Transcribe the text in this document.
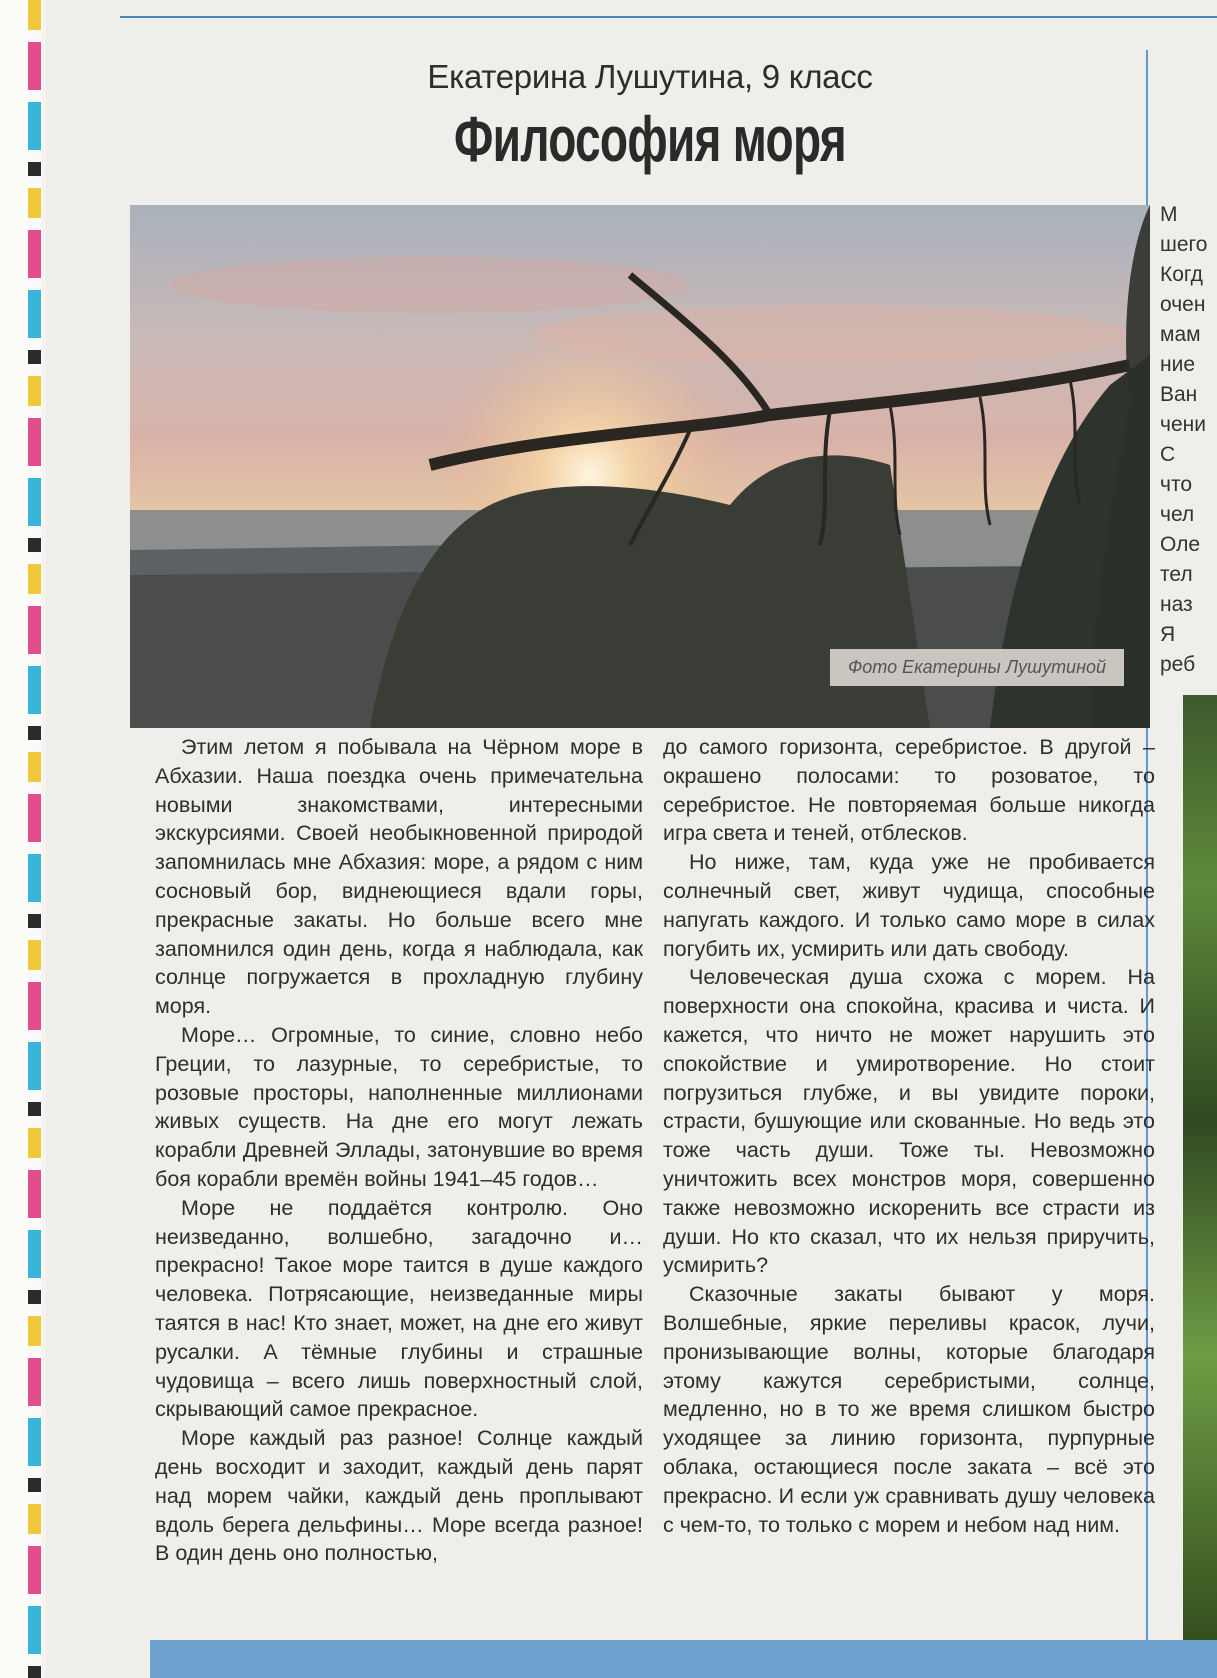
Екатерина Лушутина, 9 класс
Философия моря
Фото Екатерины Лушутиной

Этим летом я побывала на Чёрном море в Абхазии. Наша поездка очень примечательна новыми знакомствами, интересными экскурсиями. Своей необыкновенной природой запомнилась мне Абхазия: море, а рядом с ним сосновый бор, виднеющиеся вдали горы, прекрасные закаты. Но больше всего мне запомнился один день, когда я наблюдала, как солнце погружается в прохладную глубину моря.

Море… Огромные, то синие, словно небо Греции, то лазурные, то серебристые, то розовые просторы, наполненные миллионами живых существ. На дне его могут лежать корабли Древней Эллады, затонувшие во время боя корабли времён войны 1941–45 годов…

Море не поддаётся контролю. Оно неизведанно, волшебно, загадочно и… прекрасно! Такое море таится в душе каждого человека. Потрясающие, неизведанные миры таятся в нас! Кто знает, может, на дне его живут русалки. А тёмные глубины и страшные чудовища – всего лишь поверхностный слой, скрывающий самое прекрасное.

Море каждый раз разное! Солнце каждый день восходит и заходит, каждый день парят над морем чайки, каждый день проплывают вдоль берега дельфины… Море всегда разное! В один день оно полностью,

до самого горизонта, серебристое. В другой – окрашено полосами: то розоватое, то серебристое. Не повторяемая больше никогда игра света и теней, отблесков.

Но ниже, там, куда уже не пробивается солнечный свет, живут чудища, способные напугать каждого. И только само море в силах погубить их, усмирить или дать свободу.

Человеческая душа схожа с морем. На поверхности она спокойна, красива и чиста. И кажется, что ничто не может нарушить это спокойствие и умиротворение. Но стоит погрузиться глубже, и вы увидите пороки, страсти, бушующие или скованные. Но ведь это тоже часть души. Тоже ты. Невозможно уничтожить всех монстров моря, совершенно также невозможно искоренить все страсти из души. Но кто сказал, что их нельзя приручить, усмирить?

Сказочные закаты бывают у моря. Волшебные, яркие переливы красок, лучи, пронизывающие волны, которые благодаря этому кажутся серебристыми, солнце, медленно, но в то же время слишком быстро уходящее за линию горизонта, пурпурные облака, остающиеся после заката – всё это прекрасно. И если уж сравнивать душу человека с чем-то, то только с морем и небом над ним.

М
шего
Когд
очен
мам
ние
Ван
чени
С
что
чел
Оле
тел
наз
Я
реб
